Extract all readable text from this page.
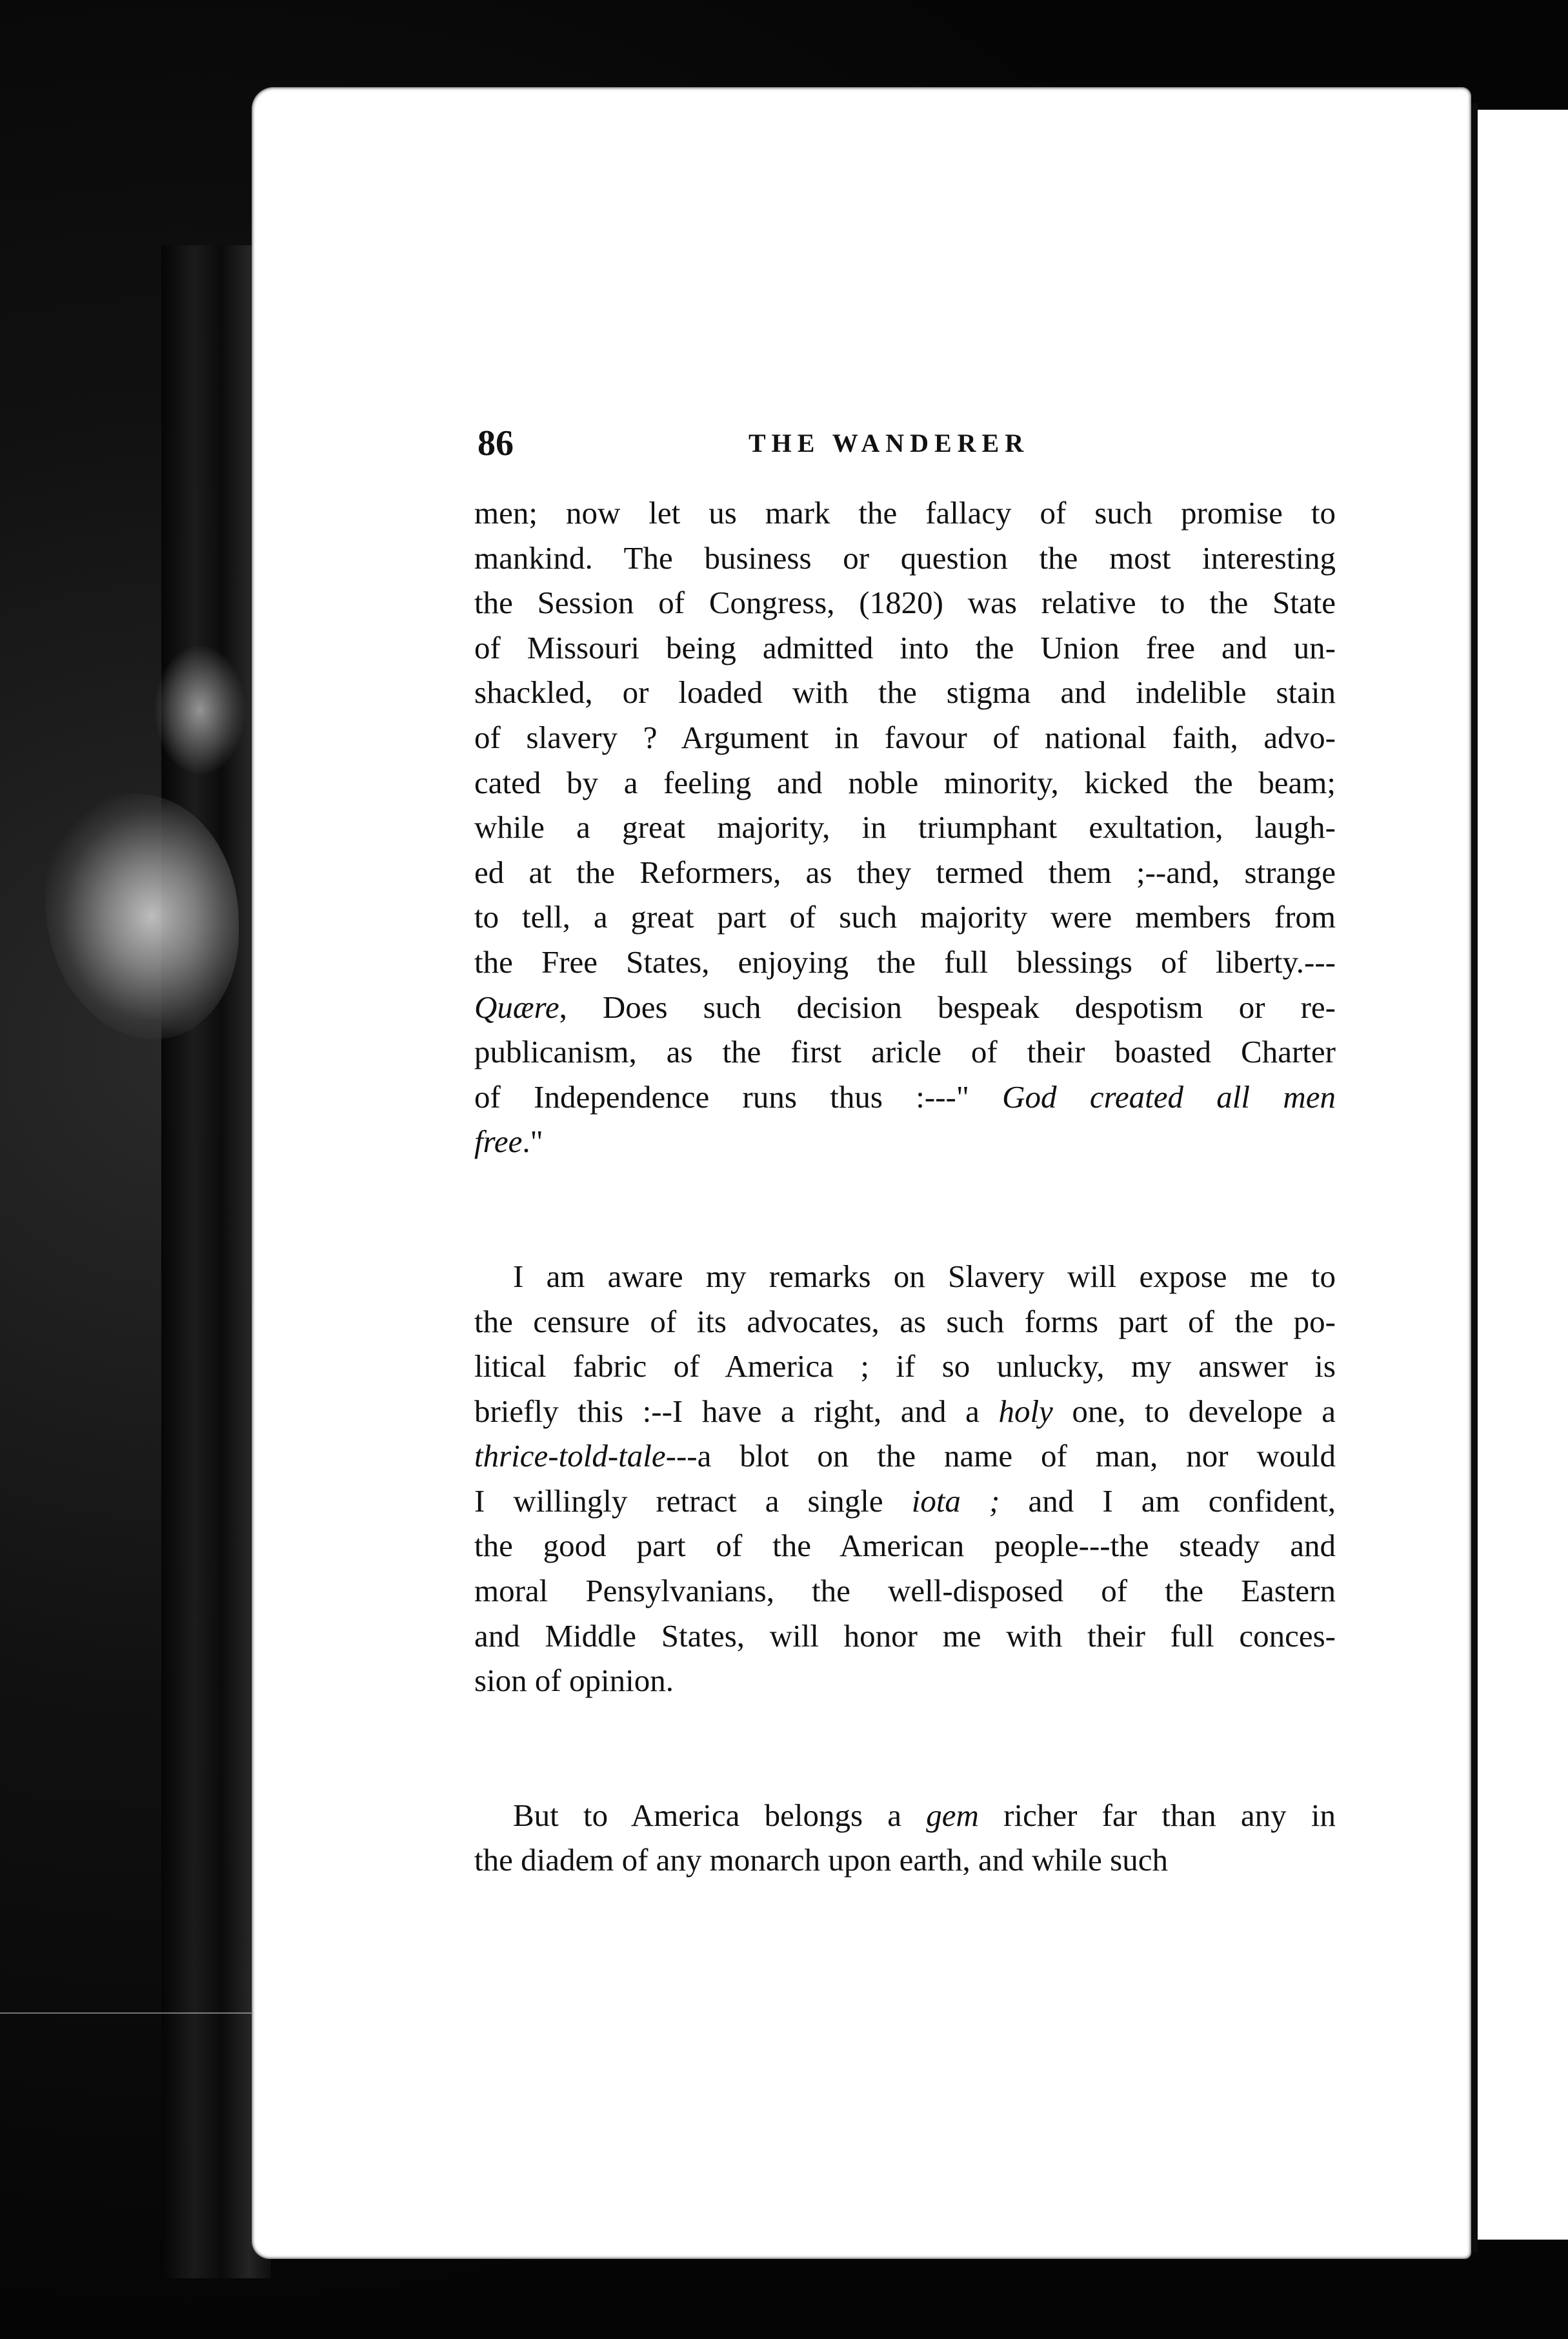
86	THE WANDERER
men; now let us mark the fallacy of such promise to
mankind. The business or question the most interesting
the Session of Congress, (1820) was relative to the State
of Missouri being admitted into the Union free and un-
shackled, or loaded with the stigma and indelible stain
of slavery ? Argument in favour of national faith, advo-
cated by a feeling and noble minority, kicked the beam;
while a great majority, in triumphant exultation, laugh-
ed at the Reformers, as they termed them ;--and, strange
to tell, a great part of such majority were members from
the Free States, enjoying the full blessings of liberty.---
Quære, Does such decision bespeak despotism or re-
publicanism, as the first aricle of their boasted Charter
of Independence runs thus :---" God created all men
free."
I am aware my remarks on Slavery will expose me to
the censure of its advocates, as such forms part of the po-
litical fabric of America ; if so unlucky, my answer is
briefly this :--I have a right, and a holy one, to develope a
thrice-told-tale---a blot on the name of man, nor would
I willingly retract a single iota ; and I am confident,
the good part of the American people---the steady and
moral Pensylvanians, the well-disposed of the Eastern
and Middle States, will honor me with their full conces-
sion of opinion.
But to America belongs a gem richer far than any in
the diadem of any monarch upon earth, and while such
